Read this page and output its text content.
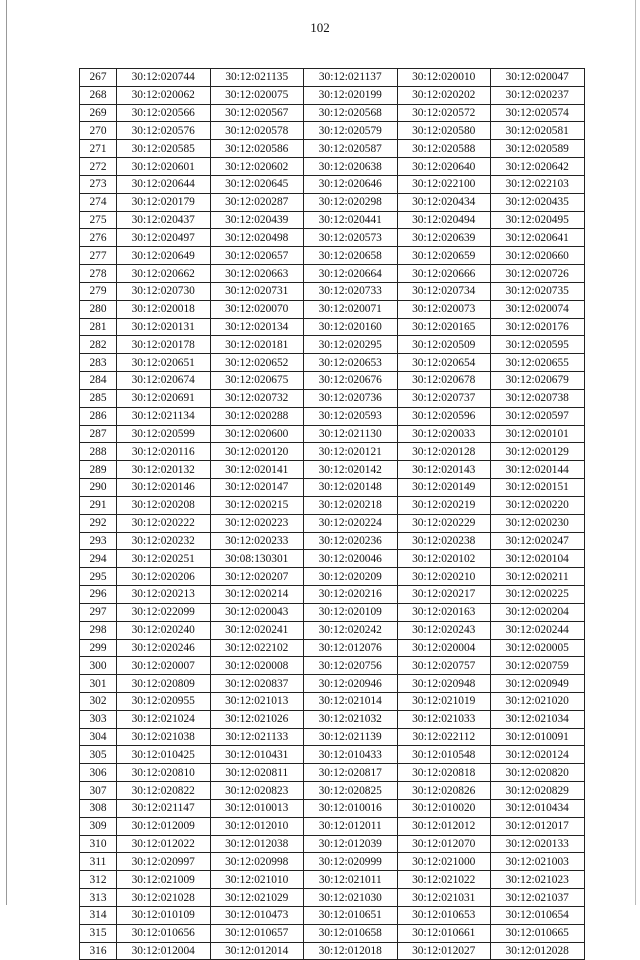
102
267	30:12:020744	30:12:021135	30:12:021137	30:12:020010	30:12:020047
268	30:12:020062	30:12:020075	30:12:020199	30:12:020202	30:12:020237
269	30:12:020566	30:12:020567	30:12:020568	30:12:020572	30:12:020574
270	30:12:020576	30:12:020578	30:12:020579	30:12:020580	30:12:020581
271	30:12:020585	30:12:020586	30:12:020587	30:12:020588	30:12:020589
272	30:12:020601	30:12:020602	30:12:020638	30:12:020640	30:12:020642
273	30:12:020644	30:12:020645	30:12:020646	30:12:022100	30:12:022103
274	30:12:020179	30:12:020287	30:12:020298	30:12:020434	30:12:020435
275	30:12:020437	30:12:020439	30:12:020441	30:12:020494	30:12:020495
276	30:12:020497	30:12:020498	30:12:020573	30:12:020639	30:12:020641
277	30:12:020649	30:12:020657	30:12:020658	30:12:020659	30:12:020660
278	30:12:020662	30:12:020663	30:12:020664	30:12:020666	30:12:020726
279	30:12:020730	30:12:020731	30:12:020733	30:12:020734	30:12:020735
280	30:12:020018	30:12:020070	30:12:020071	30:12:020073	30:12:020074
281	30:12:020131	30:12:020134	30:12:020160	30:12:020165	30:12:020176
282	30:12:020178	30:12:020181	30:12:020295	30:12:020509	30:12:020595
283	30:12:020651	30:12:020652	30:12:020653	30:12:020654	30:12:020655
284	30:12:020674	30:12:020675	30:12:020676	30:12:020678	30:12:020679
285	30:12:020691	30:12:020732	30:12:020736	30:12:020737	30:12:020738
286	30:12:021134	30:12:020288	30:12:020593	30:12:020596	30:12:020597
287	30:12:020599	30:12:020600	30:12:021130	30:12:020033	30:12:020101
288	30:12:020116	30:12:020120	30:12:020121	30:12:020128	30:12:020129
289	30:12:020132	30:12:020141	30:12:020142	30:12:020143	30:12:020144
290	30:12:020146	30:12:020147	30:12:020148	30:12:020149	30:12:020151
291	30:12:020208	30:12:020215	30:12:020218	30:12:020219	30:12:020220
292	30:12:020222	30:12:020223	30:12:020224	30:12:020229	30:12:020230
293	30:12:020232	30:12:020233	30:12:020236	30:12:020238	30:12:020247
294	30:12:020251	30:08:130301	30:12:020046	30:12:020102	30:12:020104
295	30:12:020206	30:12:020207	30:12:020209	30:12:020210	30:12:020211
296	30:12:020213	30:12:020214	30:12:020216	30:12:020217	30:12:020225
297	30:12:022099	30:12:020043	30:12:020109	30:12:020163	30:12:020204
298	30:12:020240	30:12:020241	30:12:020242	30:12:020243	30:12:020244
299	30:12:020246	30:12:022102	30:12:012076	30:12:020004	30:12:020005
300	30:12:020007	30:12:020008	30:12:020756	30:12:020757	30:12:020759
301	30:12:020809	30:12:020837	30:12:020946	30:12:020948	30:12:020949
302	30:12:020955	30:12:021013	30:12:021014	30:12:021019	30:12:021020
303	30:12:021024	30:12:021026	30:12:021032	30:12:021033	30:12:021034
304	30:12:021038	30:12:021133	30:12:021139	30:12:022112	30:12:010091
305	30:12:010425	30:12:010431	30:12:010433	30:12:010548	30:12:020124
306	30:12:020810	30:12:020811	30:12:020817	30:12:020818	30:12:020820
307	30:12:020822	30:12:020823	30:12:020825	30:12:020826	30:12:020829
308	30:12:021147	30:12:010013	30:12:010016	30:12:010020	30:12:010434
309	30:12:012009	30:12:012010	30:12:012011	30:12:012012	30:12:012017
310	30:12:012022	30:12:012038	30:12:012039	30:12:012070	30:12:020133
311	30:12:020997	30:12:020998	30:12:020999	30:12:021000	30:12:021003
312	30:12:021009	30:12:021010	30:12:021011	30:12:021022	30:12:021023
313	30:12:021028	30:12:021029	30:12:021030	30:12:021031	30:12:021037
314	30:12:010109	30:12:010473	30:12:010651	30:12:010653	30:12:010654
315	30:12:010656	30:12:010657	30:12:010658	30:12:010661	30:12:010665
316	30:12:012004	30:12:012014	30:12:012018	30:12:012027	30:12:012028
